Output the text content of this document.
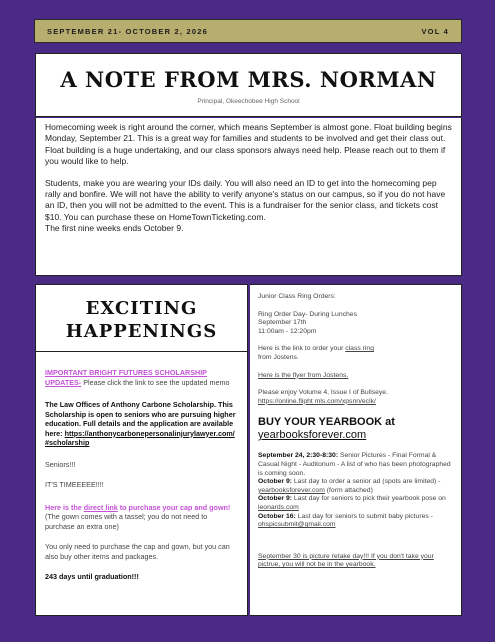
SEPTEMBER 21- OCTOBER 2, 2026	VOL 4
A NOTE FROM MRS. NORMAN
Principal, Okeechobee High School

Homecoming week is right around the corner, which means September is almost gone. Float building begins Monday, September 21. This is a great way for families and students to be involved and get their class out. Float building is a huge undertaking, and our class sponsors always need help. Please reach out to them if you would like to help.

Students, make you are wearing your IDs daily. You will also need an ID to get into the homecoming pep rally and bonfire. We will not have the ability to verify anyone's status on our campus, so if you do not have an ID, then you will not be admitted to the event. This is a fundraiser for the senior class, and tickets cost $10. You can purchase these on HomeTownTicketing.com.

The first nine weeks ends October 9.
EXCITING
HAPPENINGS
IMPORTANT BRIGHT FUTURES SCHOLARSHIP UPDATES- Please click the link to see the updated memo
The Law Offices of Anthony Carbone Scholarship. This Scholarship is open to seniors who are pursuing higher education. Full details and the application are available here: https://anthonycarbonepersonalinjurylawyer.com/#scholarship
Seniors!!!
IT'S TIMEEEEE!!!!
Here is the direct link to purchase your cap and gown! (The gown comes with a tassel; you do not need to purchase an extra one)
You only need to purchase the cap and gown, but you can also buy other items and packages.
243 days until graduation!!!

Junior Class Ring Orders:

Ring Order Day- During Lunches

September 17th

11:00am - 12:20pm

Here is the link to order your class ring
from Jostens.

Here is the flyer from Jostens.

Please enjoy Volume 4, Issue I of Bullseye.

https://online.flipht mls.com/xpsnn/eclk/

BUY YOUR YEARBOOK at

yearbooksforever.com

September 24, 2:30-8:30: Senior Pictures - Final Formal & Casual Night - Auditorium - A list of who has been photographed is coming soon.

October 9: Last day to order a senior ad (spots are limited) - yearbooksforever.com (form attached)

October 9: Last day for seniors to pick their yearbook pose on leonards.com

October 16: Last day for seniors to submit baby pictures - ohspicsubmit@gmail.com

September 30 is picture retake day!!! If you don't take your pictrue, you will not be in the yearbook.
